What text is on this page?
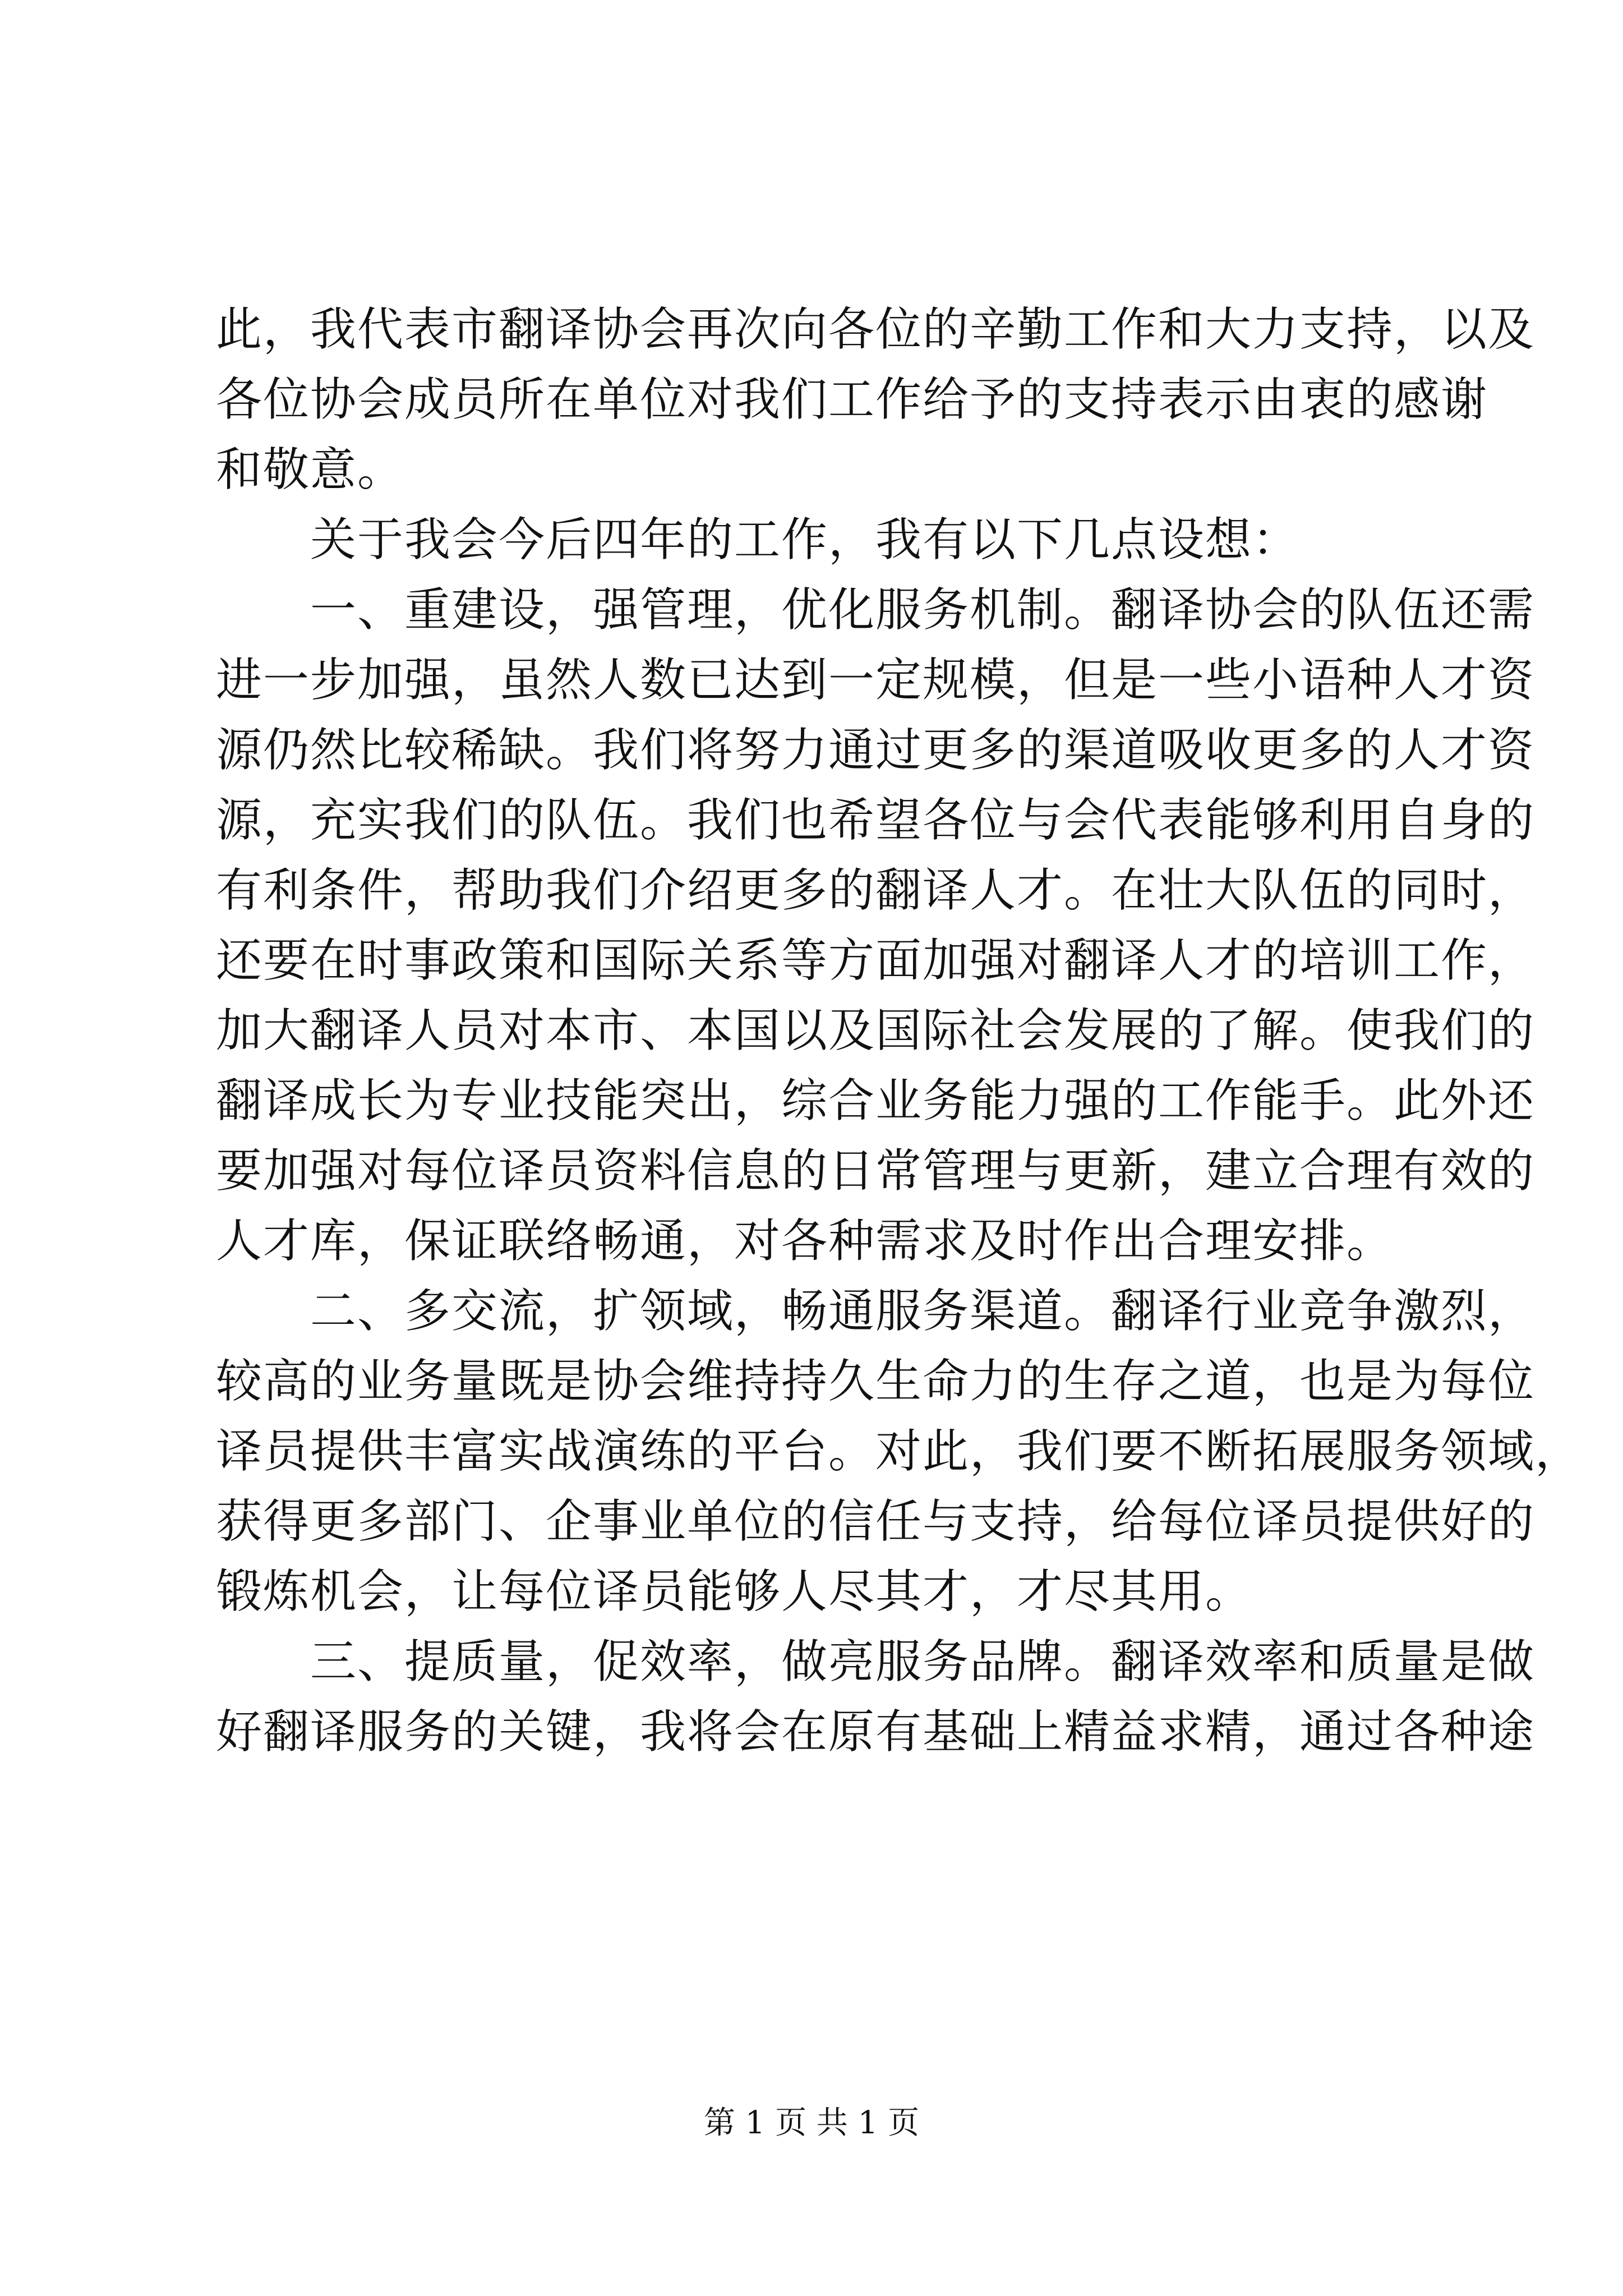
此，我代表市翻译协会再次向各位的辛勤工作和大力支持，以及
各位协会成员所在单位对我们工作给予的支持表示由衷的感谢
和敬意。
　　关于我会今后四年的工作，我有以下几点设想：
　　一、重建设，强管理，优化服务机制。翻译协会的队伍还需
进一步加强，虽然人数已达到一定规模，但是一些小语种人才资
源仍然比较稀缺。我们将努力通过更多的渠道吸收更多的人才资
源，充实我们的队伍。我们也希望各位与会代表能够利用自身的
有利条件，帮助我们介绍更多的翻译人才。在壮大队伍的同时，
还要在时事政策和国际关系等方面加强对翻译人才的培训工作，
加大翻译人员对本市、本国以及国际社会发展的了解。使我们的
翻译成长为专业技能突出，综合业务能力强的工作能手。此外还
要加强对每位译员资料信息的日常管理与更新，建立合理有效的
人才库，保证联络畅通，对各种需求及时作出合理安排。
　　二、多交流，扩领域，畅通服务渠道。翻译行业竞争激烈，
较高的业务量既是协会维持持久生命力的生存之道，也是为每位
译员提供丰富实战演练的平台。对此，我们要不断拓展服务领域，
获得更多部门、企事业单位的信任与支持，给每位译员提供好的
锻炼机会，让每位译员能够人尽其才，才尽其用。
　　三、提质量，促效率，做亮服务品牌。翻译效率和质量是做
好翻译服务的关键，我将会在原有基础上精益求精，通过各种途
第 1 页 共 1 页
